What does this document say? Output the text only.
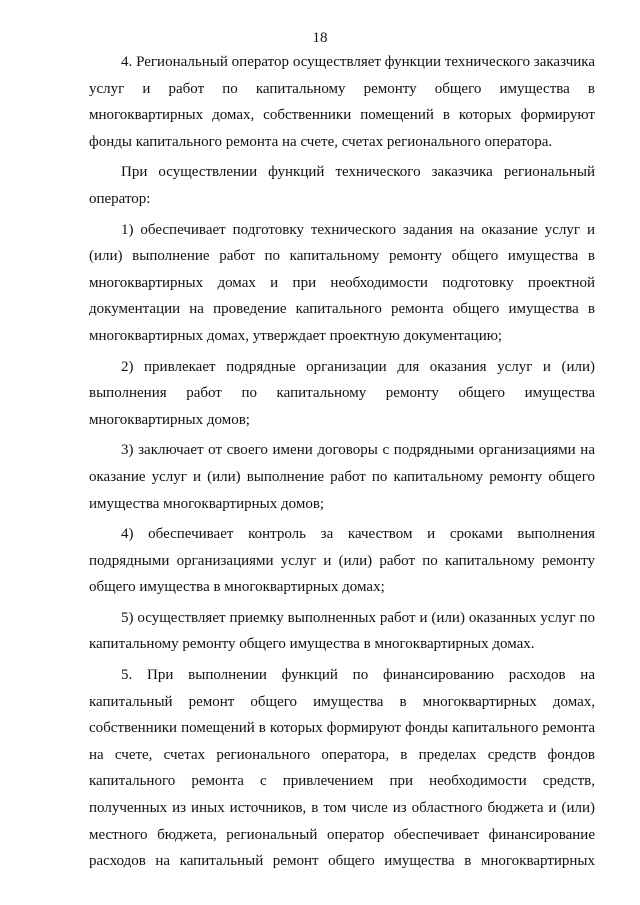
18

4. Региональный оператор осуществляет функции технического заказчика услуг и работ по капитальному ремонту общего имущества в многоквартирных домах, собственники помещений в которых формируют фонды капитального ремонта на счете, счетах регионального оператора.

При осуществлении функций технического заказчика региональный оператор:

1) обеспечивает подготовку технического задания на оказание услуг и (или) выполнение работ по капитальному ремонту общего имущества в многоквартирных домах и при необходимости подготовку проектной документации на проведение капитального ремонта общего имущества в многоквартирных домах, утверждает проектную документацию;

2) привлекает подрядные организации для оказания услуг и (или) выполнения работ по капитальному ремонту общего имущества многоквартирных домов;

3) заключает от своего имени договоры с подрядными организациями на оказание услуг и (или) выполнение работ по капитальному ремонту общего имущества многоквартирных домов;

4) обеспечивает контроль за качеством и сроками выполнения подрядными организациями услуг и (или) работ по капитальному ремонту общего имущества в многоквартирных домах;

5) осуществляет приемку выполненных работ и (или) оказанных услуг по капитальному ремонту общего имущества в многоквартирных домах.

5. При выполнении функций по финансированию расходов на капитальный ремонт общего имущества в многоквартирных домах, собственники помещений в которых формируют фонды капитального ремонта на счете, счетах регионального оператора, в пределах средств фондов капитального ремонта с привлечением при необходимости средств, полученных из иных источников, в том числе из областного бюджета и (или) местного бюджета, региональный оператор обеспечивает финансирование расходов на капитальный ремонт общего имущества в многоквартирных
